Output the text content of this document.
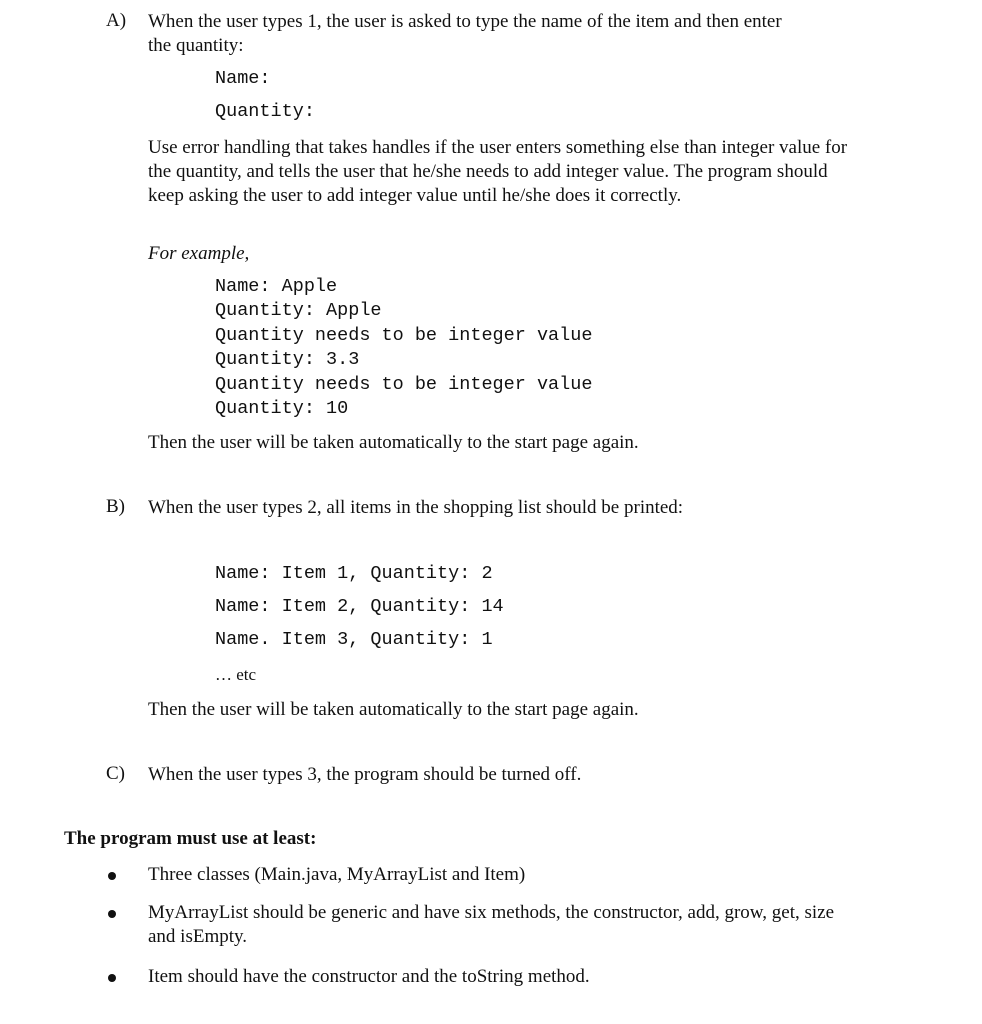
A) When the user types 1, the user is asked to type the name of the item and then enter
the quantity:
Name:
Quantity:
Use error handling that takes handles if the user enters something else than integer value for the quantity, and tells the user that he/she needs to add integer value. The program should keep asking the user to add integer value until he/she does it correctly.
For example,
Name: Apple
Quantity: Apple
Quantity needs to be integer value
Quantity: 3.3
Quantity needs to be integer value
Quantity: 10
Then the user will be taken automatically to the start page again.
B) When the user types 2, all items in the shopping list should be printed:
Name: Item 1, Quantity: 2
Name: Item 2, Quantity: 14
Name. Item 3, Quantity: 1
… etc
Then the user will be taken automatically to the start page again.
C) When the user types 3, the program should be turned off.
The program must use at least:
Three classes (Main.java, MyArrayList and Item)
MyArrayList should be generic and have six methods, the constructor, add, grow, get, size and isEmpty.
Item should have the constructor and the toString method.
